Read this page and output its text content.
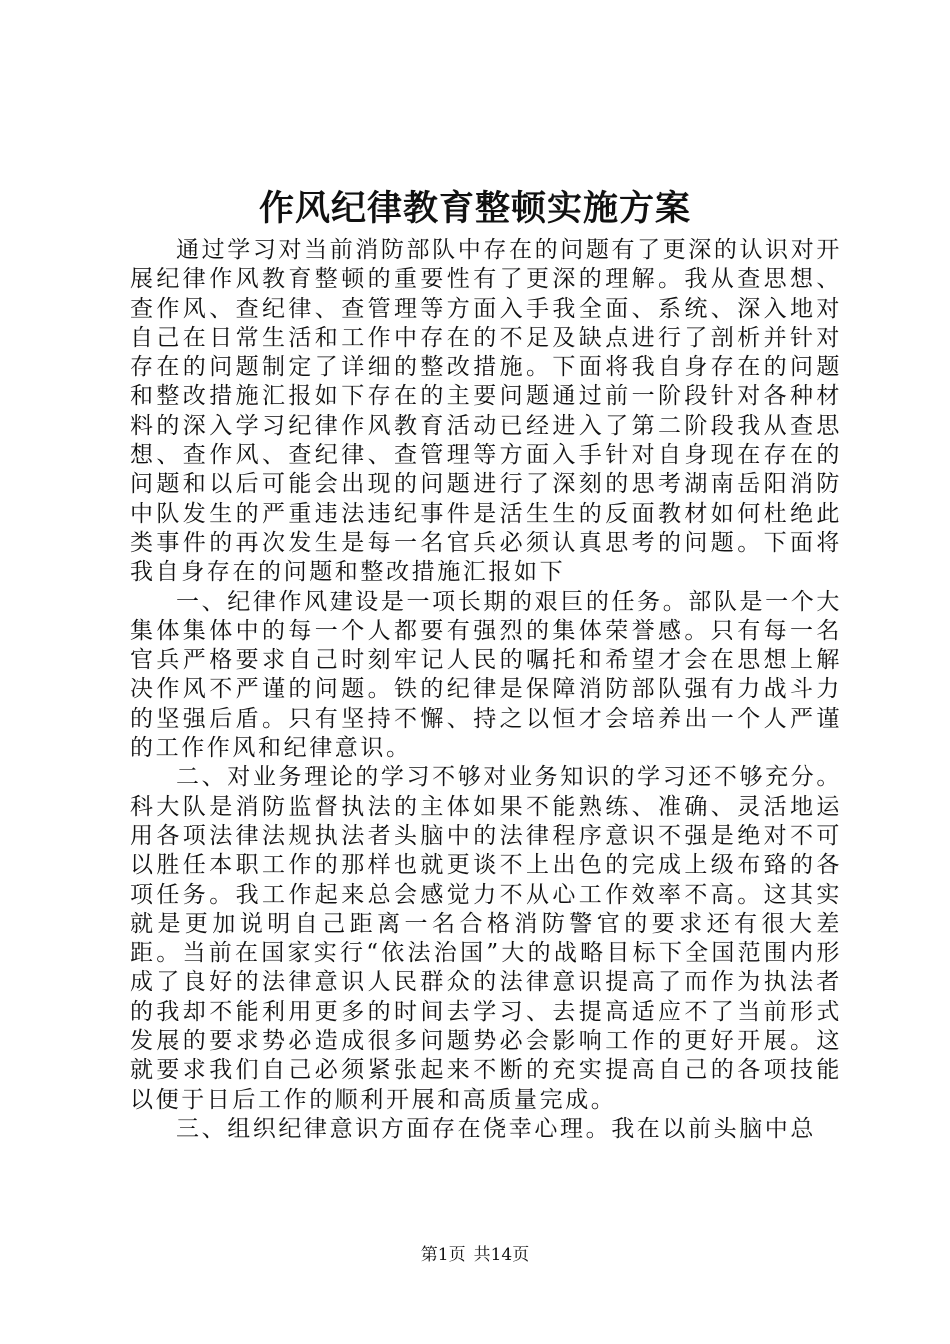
作风纪律教育整顿实施方案

通过学习对当前消防部队中存在的问题有了更深的认识对开展纪律作风教育整顿的重要性有了更深的理解。我从查思想、查作风、查纪律、查管理等方面入手我全面、系统、深入地对自己在日常生活和工作中存在的不足及缺点进行了剖析并针对存在的问题制定了详细的整改措施。下面将我自身存在的问题和整改措施汇报如下存在的主要问题通过前一阶段针对各种材料的深入学习纪律作风教育活动已经进入了第二阶段我从查思想、查作风、查纪律、查管理等方面入手针对自身现在存在的问题和以后可能会出现的问题进行了深刻的思考湖南岳阳消防中队发生的严重违法违纪事件是活生生的反面教材如何杜绝此类事件的再次发生是每一名官兵必须认真思考的问题。下面将我自身存在的问题和整改措施汇报如下

一、纪律作风建设是一项长期的艰巨的任务。部队是一个大集体集体中的每一个人都要有强烈的集体荣誉感。只有每一名官兵严格要求自己时刻牢记人民的嘱托和希望才会在思想上解决作风不严谨的问题。铁的纪律是保障消防部队强有力战斗力的坚强后盾。只有坚持不懈、持之以恒才会培养出一个人严谨的工作作风和纪律意识。

二、对业务理论的学习不够对业务知识的学习还不够充分。科大队是消防监督执法的主体如果不能熟练、准确、灵活地运用各项法律法规执法者头脑中的法律程序意识不强是绝对不可以胜任本职工作的那样也就更谈不上出色的完成上级布臵的各项任务。我工作起来总会感觉力不从心工作效率不高。这其实就是更加说明自己距离一名合格消防警官的要求还有很大差距。当前在国家实行“依法治国”大的战略目标下全国范围内形成了良好的法律意识人民群众的法律意识提高了而作为执法者的我却不能利用更多的时间去学习、去提高适应不了当前形式发展的要求势必造成很多问题势必会影响工作的更好开展。这就要求我们自己必须紧张起来不断的充实提高自己的各项技能以便于日后工作的顺利开展和高质量完成。

三、组织纪律意识方面存在侥幸心理。我在以前头脑中总

第1页 共14页
